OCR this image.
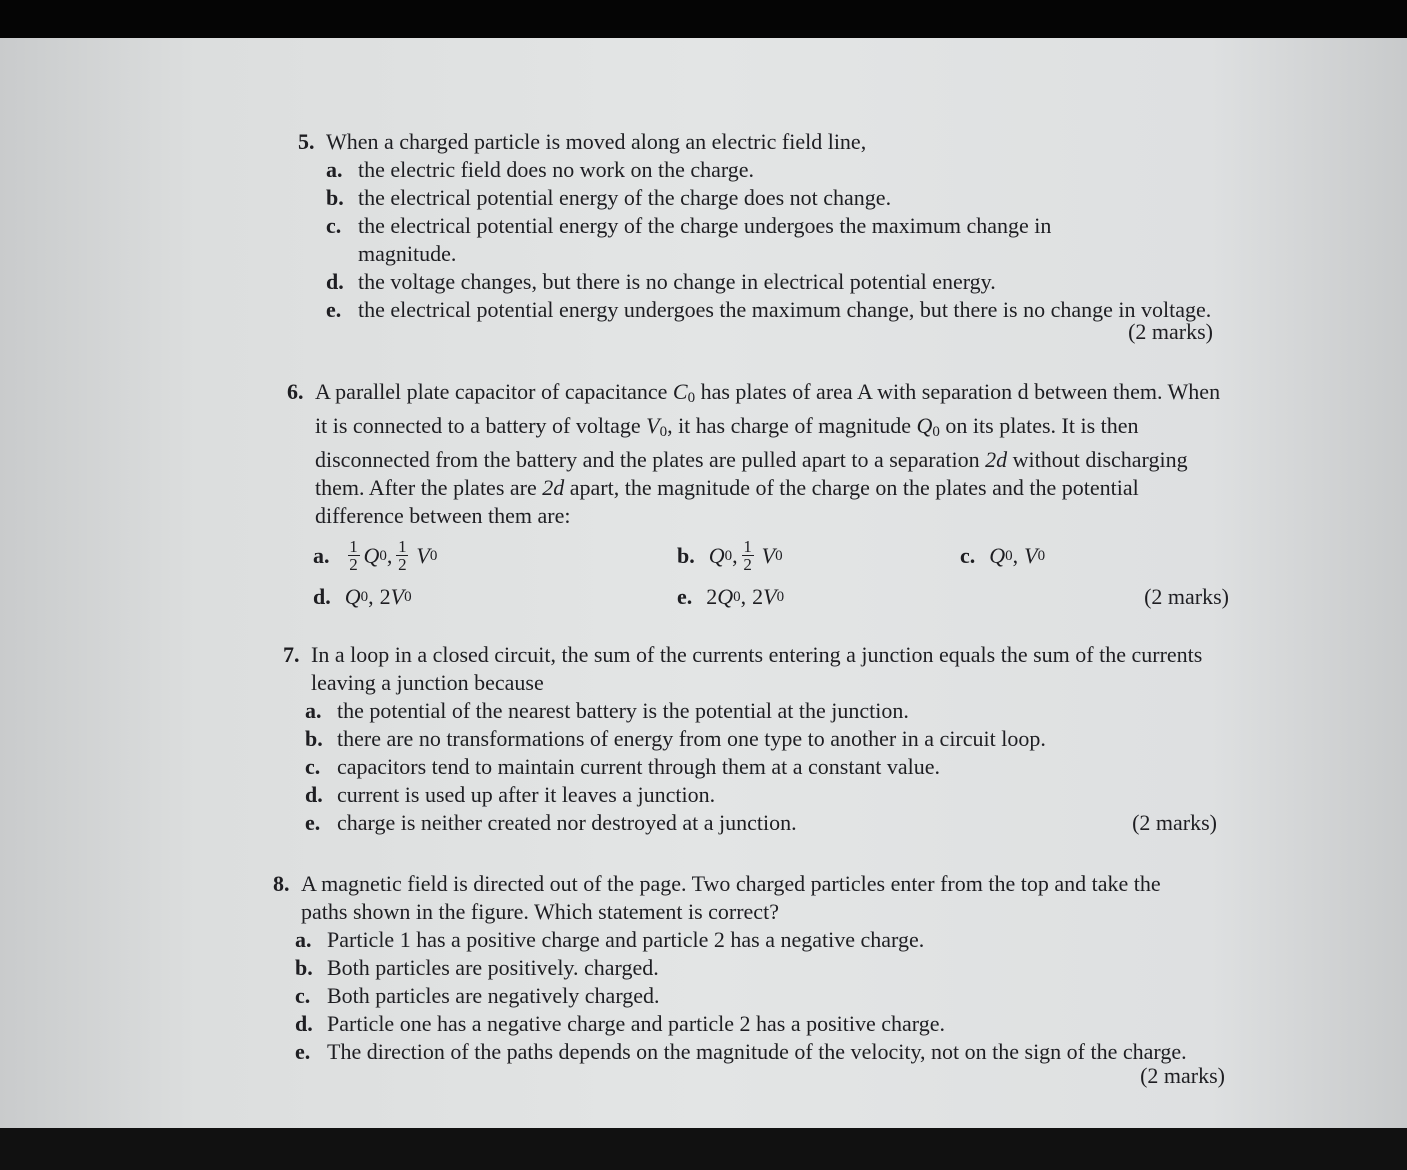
5. When a charged particle is moved along an electric field line,
a. the electric field does no work on the charge.
b. the electrical potential energy of the charge does not change.
c. the electrical potential energy of the charge undergoes the maximum change in magnitude.
d. the voltage changes, but there is no change in electrical potential energy.
e. the electrical potential energy undergoes the maximum change, but there is no change in voltage.
(2 marks)
6. A parallel plate capacitor of capacitance $C_0$ has plates of area A with separation d between them. When it is connected to a battery of voltage $V_0$, it has charge of magnitude $Q_0$ on its plates. It is then disconnected from the battery and the plates are pulled apart to a separation 2d without discharging them. After the plates are 2d apart, the magnitude of the charge on the plates and the potential difference between them are:
a. $\frac{1}{2}$ Q 0 , $\frac{1}{2}$ V 0	b. Q 0 , $\frac{1}{2}$ V 0	c. Q 0 , V 0
d. Q 0 , 2 V 0	e. 2 Q 0 , 2 V 0	(2 marks)
7. In a loop in a closed circuit, the sum of the currents entering a junction equals the sum of the currents leaving a junction because
a. the potential of the nearest battery is the potential at the junction.
b. there are no transformations of energy from one type to another in a circuit loop.
c. capacitors tend to maintain current through them at a constant value.
d. current is used up after it leaves a junction.
e. charge is neither created nor destroyed at a junction.	(2 marks)
8. A magnetic field is directed out of the page. Two charged particles enter from the top and take the paths shown in the figure. Which statement is correct?
a. Particle 1 has a positive charge and particle 2 has a negative charge.
b. Both particles are positively. charged.
c. Both particles are negatively charged.
d. Particle one has a negative charge and particle 2 has a positive charge.
e. The direction of the paths depends on the magnitude of the velocity, not on the sign of the charge.
(2 marks)
